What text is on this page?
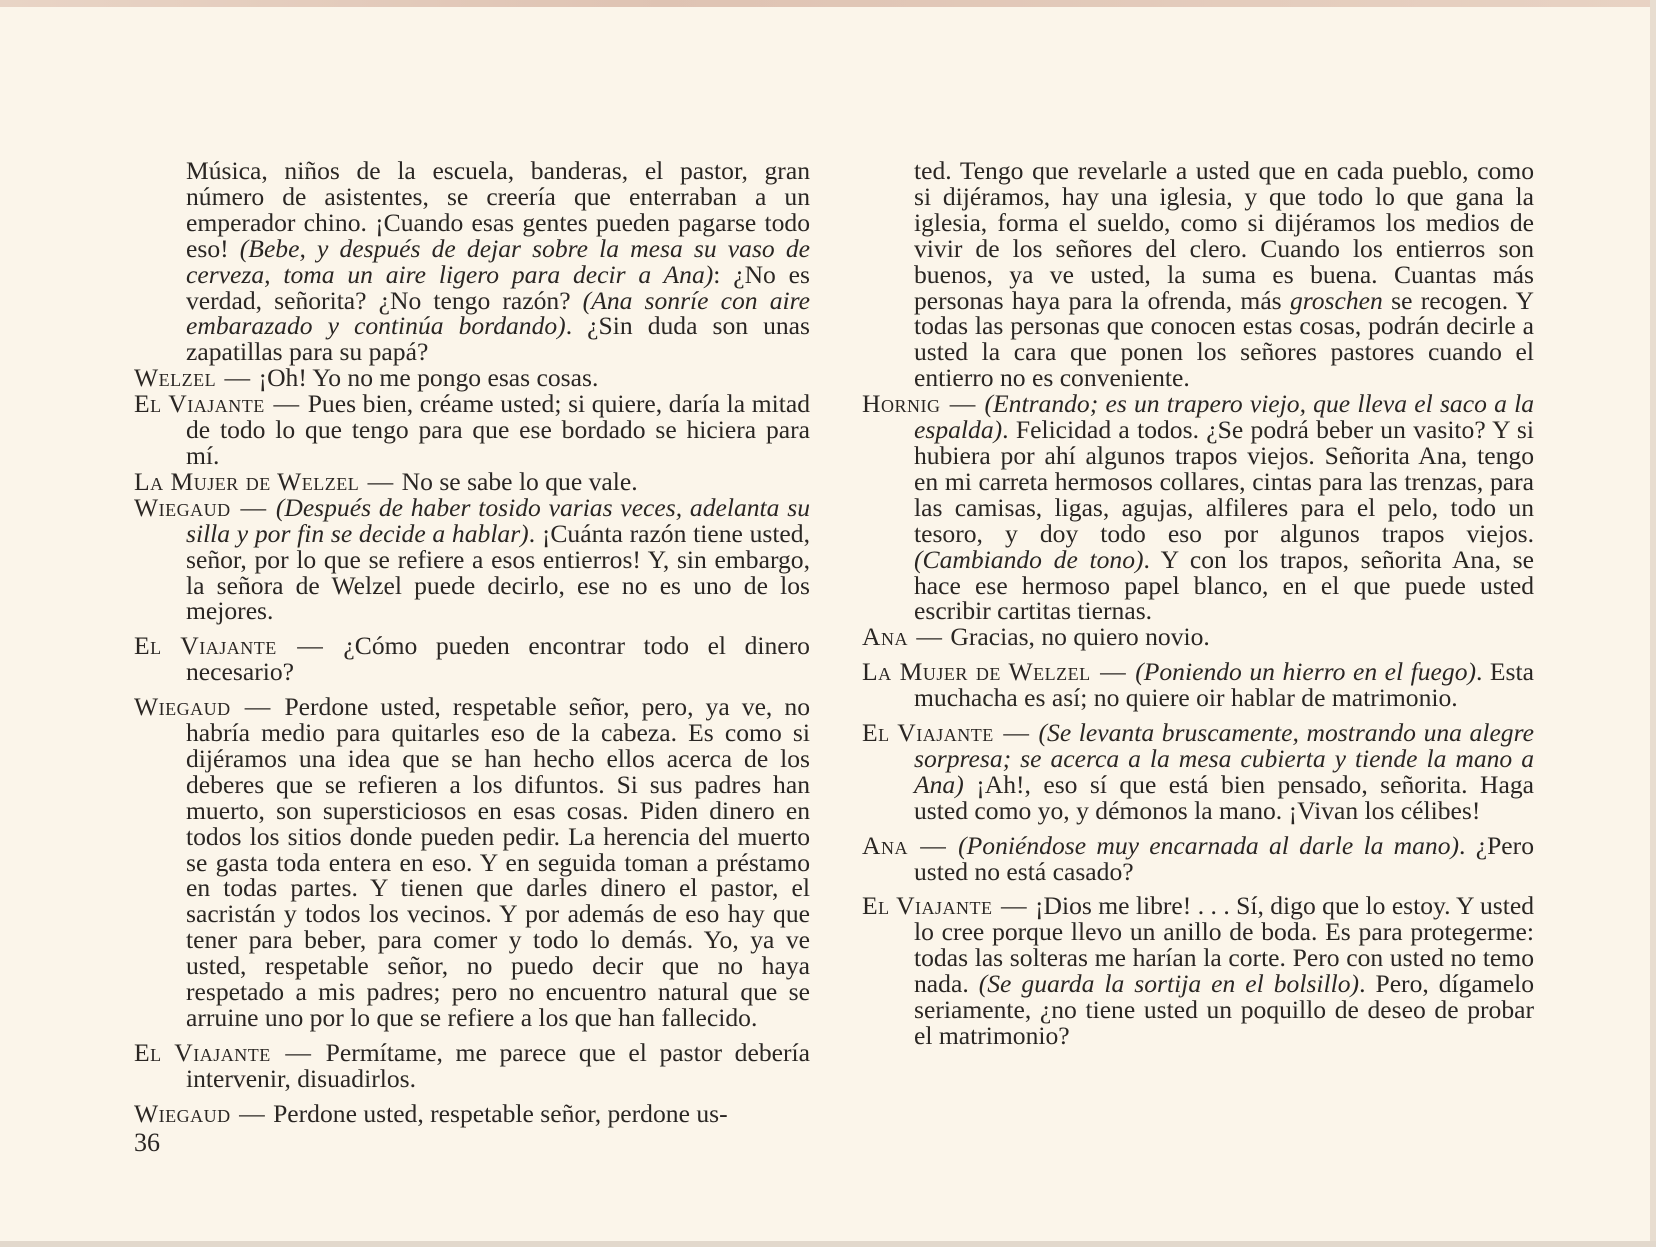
Música, niños de la escuela, banderas, el pastor, gran número de asistentes, se creería que enterraban a un emperador chino. ¡Cuando esas gentes pueden pagarse todo eso! (Bebe, y después de dejar sobre la mesa su vaso de cerveza, toma un aire ligero para decir a Ana): ¿No es verdad, señorita? ¿No tengo razón? (Ana sonríe con aire embarazado y continúa bordando). ¿Sin duda son unas zapatillas para su papá?

Welzel — ¡Oh! Yo no me pongo esas cosas.

El Viajante — Pues bien, créame usted; si quiere, daría la mitad de todo lo que tengo para que ese bordado se hiciera para mí.

La Mujer de Welzel — No se sabe lo que vale.

Wiegaud — (Después de haber tosido varias veces, adelanta su silla y por fin se decide a hablar). ¡Cuánta razón tiene usted, señor, por lo que se refiere a esos entierros! Y, sin embargo, la señora de Welzel puede decirlo, ese no es uno de los mejores.

El Viajante — ¿Cómo pueden encontrar todo el dinero necesario?

Wiegaud — Perdone usted, respetable señor, pero, ya ve, no habría medio para quitarles eso de la cabeza. Es como si dijéramos una idea que se han hecho ellos acerca de los deberes que se refieren a los difuntos. Si sus padres han muerto, son supersticiosos en esas cosas. Piden dinero en todos los sitios donde pueden pedir. La herencia del muerto se gasta toda entera en eso. Y en seguida toman a préstamo en todas partes. Y tienen que darles dinero el pastor, el sacristán y todos los vecinos. Y por además de eso hay que tener para beber, para comer y todo lo demás. Yo, ya ve usted, respetable señor, no puedo decir que no haya respetado a mis padres; pero no encuentro natural que se arruine uno por lo que se refiere a los que han fallecido.

El Viajante — Permítame, me parece que el pastor debería intervenir, disuadirlos.

Wiegaud — Perdone usted, respetable señor, perdone us-

ted. Tengo que revelarle a usted que en cada pueblo, como si dijéramos, hay una iglesia, y que todo lo que gana la iglesia, forma el sueldo, como si dijéramos los medios de vivir de los señores del clero. Cuando los entierros son buenos, ya ve usted, la suma es buena. Cuantas más personas haya para la ofrenda, más groschen se recogen. Y todas las personas que conocen estas cosas, podrán decirle a usted la cara que ponen los señores pastores cuando el entierro no es conveniente.

Hornig — (Entrando; es un trapero viejo, que lleva el saco a la espalda). Felicidad a todos. ¿Se podrá beber un vasito? Y si hubiera por ahí algunos trapos viejos. Señorita Ana, tengo en mi carreta hermosos collares, cintas para las trenzas, para las camisas, ligas, agujas, alfileres para el pelo, todo un tesoro, y doy todo eso por algunos trapos viejos. (Cambiando de tono). Y con los trapos, señorita Ana, se hace ese hermoso papel blanco, en el que puede usted escribir cartitas tiernas.

Ana — Gracias, no quiero novio.

La Mujer de Welzel — (Poniendo un hierro en el fuego). Esta muchacha es así; no quiere oir hablar de matrimonio.

El Viajante — (Se levanta bruscamente, mostrando una alegre sorpresa; se acerca a la mesa cubierta y tiende la mano a Ana) ¡Ah!, eso sí que está bien pensado, señorita. Haga usted como yo, y démonos la mano. ¡Vivan los célibes!

Ana — (Poniéndose muy encarnada al darle la mano). ¿Pero usted no está casado?

El Viajante — ¡Dios me libre! . . . Sí, digo que lo estoy. Y usted lo cree porque llevo un anillo de boda. Es para protegerme: todas las solteras me harían la corte. Pero con usted no temo nada. (Se guarda la sortija en el bolsillo). Pero, dígamelo seriamente, ¿no tiene usted un poquillo de deseo de probar el matrimonio?

36
